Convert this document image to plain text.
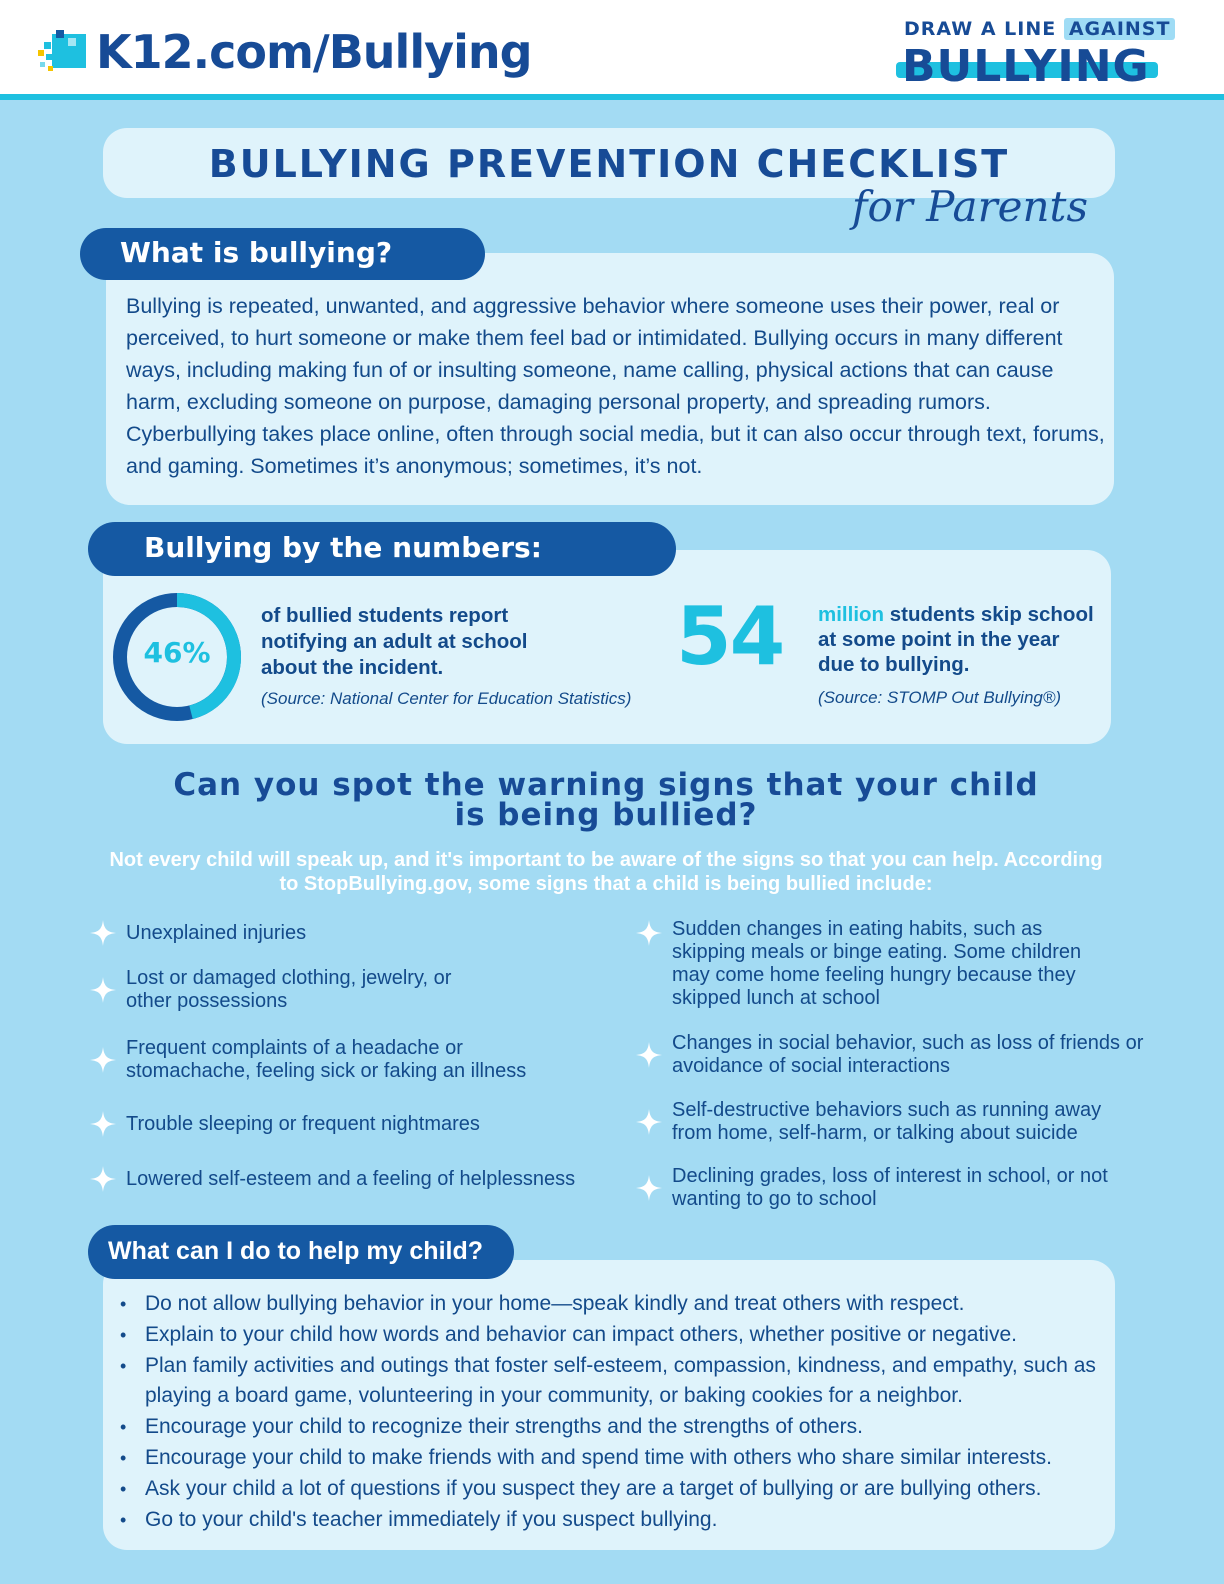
K12.com/Bullying	DRAW A LINE AGAINST
BULLYING
BULLYING PREVENTION CHECKLIST
for Parents
What is bullying?

Bullying is repeated, unwanted, and aggressive behavior where someone uses their power, real or perceived, to hurt someone or make them feel bad or intimidated. Bullying occurs in many different ways, including making fun of or insulting someone, name calling, physical actions that can cause harm, excluding someone on purpose, damaging personal property, and spreading rumors. Cyberbullying takes place online, often through social media, but it can also occur through text, forums, and gaming. Sometimes it’s anonymous; sometimes, it’s not.

Bullying by the numbers:
46%
of bullied students report notifying an adult at school about the incident.
(Source: National Center for Education Statistics)
54 million students skip school at some point in the year due to bullying.
(Source: STOMP Out Bullying®)
Can you spot the warning signs that your child
is being bullied?

Not every child will speak up, and it's important to be aware of the signs so that you can help. According to StopBullying.gov, some signs that a child is being bullied include:

Unexplained injuries
Lost or damaged clothing, jewelry, or other possessions
Frequent complaints of a headache or stomachache, feeling sick or faking an illness
Trouble sleeping or frequent nightmares
Lowered self-esteem and a feeling of helplessness
Sudden changes in eating habits, such as skipping meals or binge eating. Some children may come home feeling hungry because they skipped lunch at school
Changes in social behavior, such as loss of friends or avoidance of social interactions
Self-destructive behaviors such as running away from home, self-harm, or talking about suicide
Declining grades, loss of interest in school, or not wanting to go to school
What can I do to help my child?
• Do not allow bullying behavior in your home—speak kindly and treat others with respect.
• Explain to your child how words and behavior can impact others, whether positive or negative.
• Plan family activities and outings that foster self-esteem, compassion, kindness, and empathy, such as playing a board game, volunteering in your community, or baking cookies for a neighbor.
• Encourage your child to recognize their strengths and the strengths of others.
• Encourage your child to make friends with and spend time with others who share similar interests.
• Ask your child a lot of questions if you suspect they are a target of bullying or are bullying others.
• Go to your child's teacher immediately if you suspect bullying.
